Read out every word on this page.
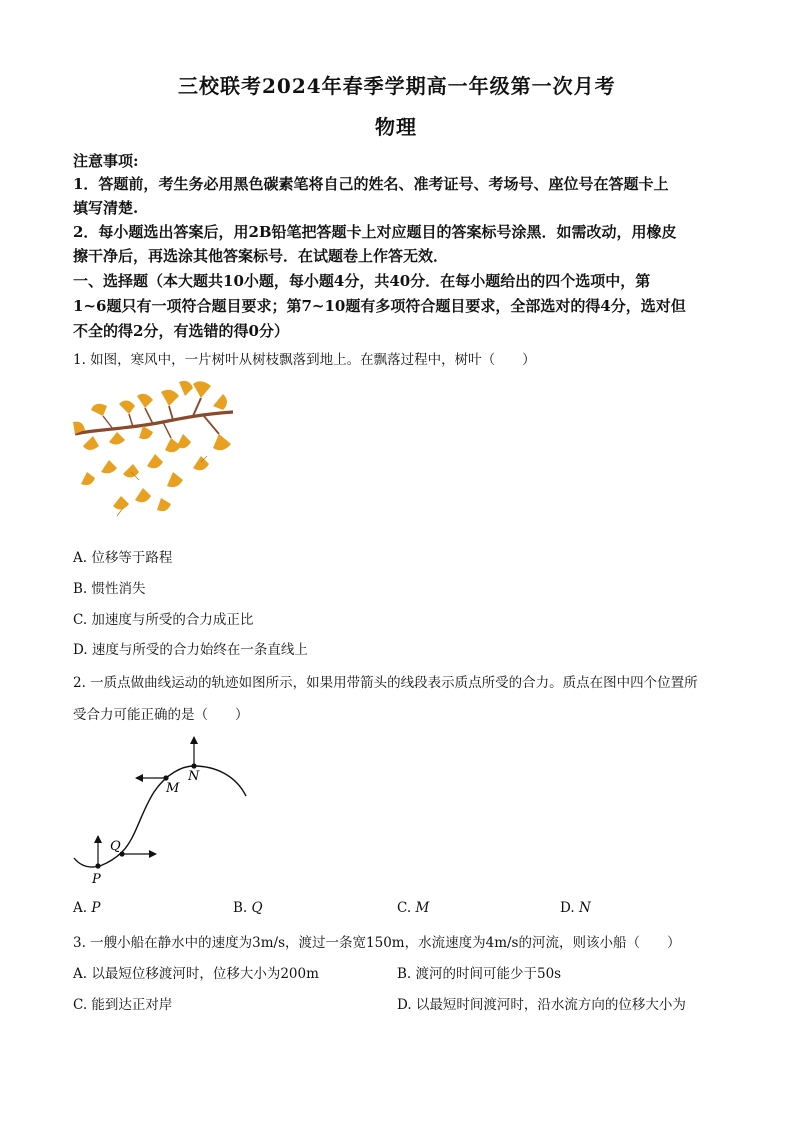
三校联考2024年春季学期高一年级第一次月考
物理
注意事项:
1．答题前，考生务必用黑色碳素笔将自己的姓名、准考证号、考场号、座位号在答题卡上
填写清楚.
2．每小题选出答案后，用2B铅笔把答题卡上对应题目的答案标号涂黑．如需改动，用橡皮
擦干净后，再选涂其他答案标号．在试题卷上作答无效．
一、选择题（本大题共10小题，每小题4分，共40分．在每小题给出的四个选项中，第
1~6题只有一项符合题目要求；第7~10题有多项符合题目要求，全部选对的得4分，选对但
不全的得2分，有选错的得0分）
1. 如图，寒风中，一片树叶从树枝飘落到地上。在飘落过程中，树叶（　　）
A. 位移等于路程
B. 惯性消失
C. 加速度与所受的合力成正比
D. 速度与所受的合力始终在一条直线上
2. 一质点做曲线运动的轨迹如图所示，如果用带箭头的线段表示质点所受的合力。质点在图中四个位置所
受合力可能正确的是（　　）
P
Q
M
N
A. P	B. Q	C. M	D. N
3. 一艘小船在静水中的速度为3m/s，渡过一条宽150m，水流速度为4m/s的河流，则该小船（　　）
A. 以最短位移渡河时，位移大小为200m	B. 渡河的时间可能少于50s
C. 能到达正对岸	D. 以最短时间渡河时，沿水流方向的位移大小为
